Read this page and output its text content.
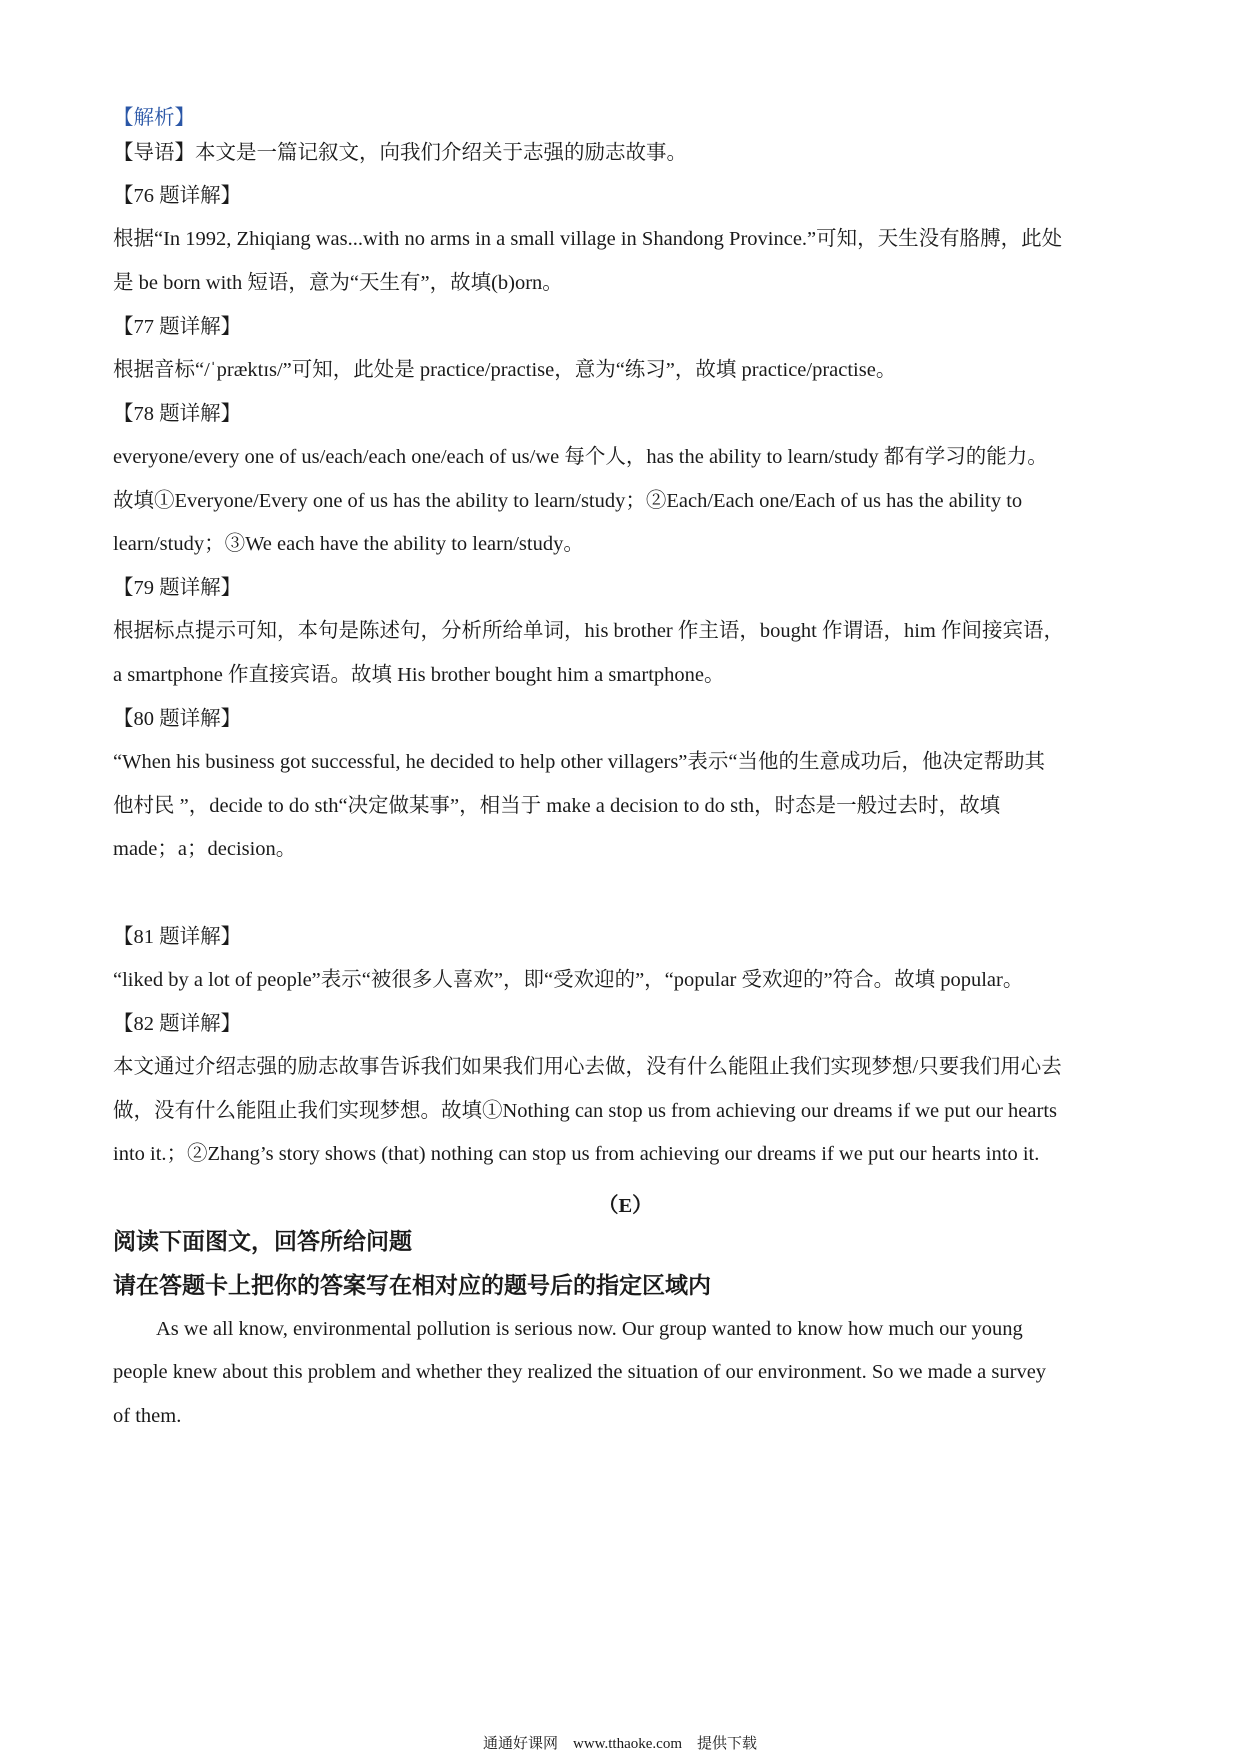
【解析】
【导语】本文是一篇记叙文，向我们介绍关于志强的励志故事。
【76 题详解】
根据“In 1992, Zhiqiang was...with no arms in a small village in Shandong Province.”可知，天生没有胳膊，此处
是 be born with 短语，意为“天生有”，故填(b)orn。
【77 题详解】
根据音标“/ˈpræktɪs/”可知，此处是 practice/practise，意为“练习”，故填 practice/practise。
【78 题详解】
everyone/every one of us/each/each one/each of us/we 每个人，has the ability to learn/study 都有学习的能力。
故填①Everyone/Every one of us has the ability to learn/study；②Each/Each one/Each of us has the ability to
learn/study；③We each have the ability to learn/study。
【79 题详解】
根据标点提示可知，本句是陈述句，分析所给单词，his brother 作主语，bought 作谓语，him 作间接宾语，
a smartphone 作直接宾语。故填 His brother bought him a smartphone。
【80 题详解】
“When his business got successful, he decided to help other villagers”表示“当他的生意成功后，他决定帮助其
他村民 ”，decide to do sth“决定做某事”，相当于 make a decision to do sth，时态是一般过去时，故填
made；a；decision。
【81 题详解】
“liked by a lot of people”表示“被很多人喜欢”，即“受欢迎的”，“popular 受欢迎的”符合。故填 popular。
【82 题详解】
本文通过介绍志强的励志故事告诉我们如果我们用心去做，没有什么能阻止我们实现梦想/只要我们用心去
做，没有什么能阻止我们实现梦想。故填①Nothing can stop us from achieving our dreams if we put our hearts
into it.；②Zhang’s story shows (that) nothing can stop us from achieving our dreams if we put our hearts into it.
（E）
阅读下面图文，回答所给问题
请在答题卡上把你的答案写在相对应的题号后的指定区域内
As we all know, environmental pollution is serious now. Our group wanted to know how much our young
people knew about this problem and whether they realized the situation of our environment. So we made a survey
of them.
通通好课网　www.tthaoke.com　提供下载
